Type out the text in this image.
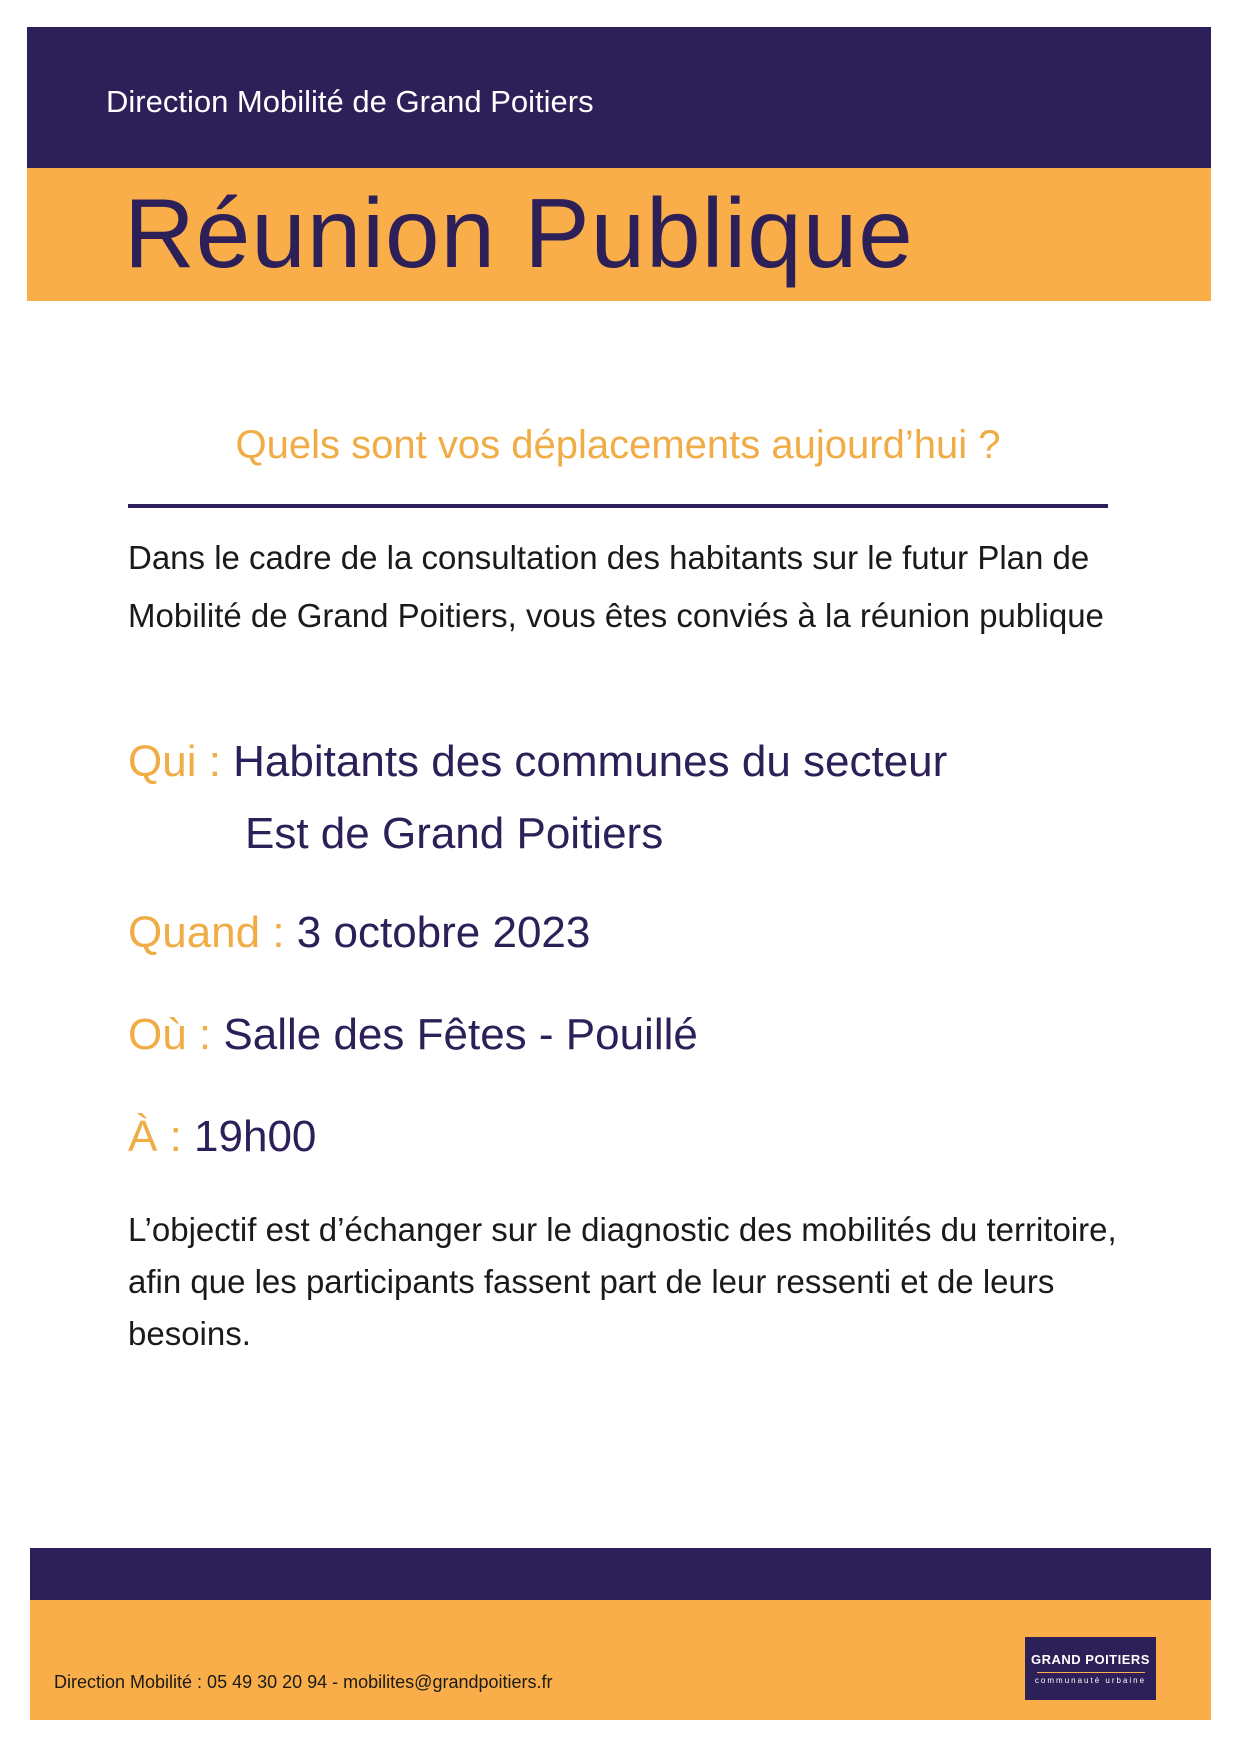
Direction Mobilité de Grand Poitiers
Réunion Publique
Quels sont vos déplacements aujourd’hui ?
Dans le cadre de la consultation des habitants sur le futur Plan de Mobilité de Grand Poitiers, vous êtes conviés à la réunion publique
Qui : Habitants des communes du secteur
Est de Grand Poitiers
Quand : 3 octobre 2023
Où : Salle des Fêtes - Pouillé
À : 19h00
L’objectif est d’échanger sur le diagnostic des mobilités du territoire, afin que les participants fassent part de leur ressenti et de leurs besoins.
Direction Mobilité : 05 49 30 20 94 - mobilites@grandpoitiers.fr
GRAND POITIERS
communauté urbaine
